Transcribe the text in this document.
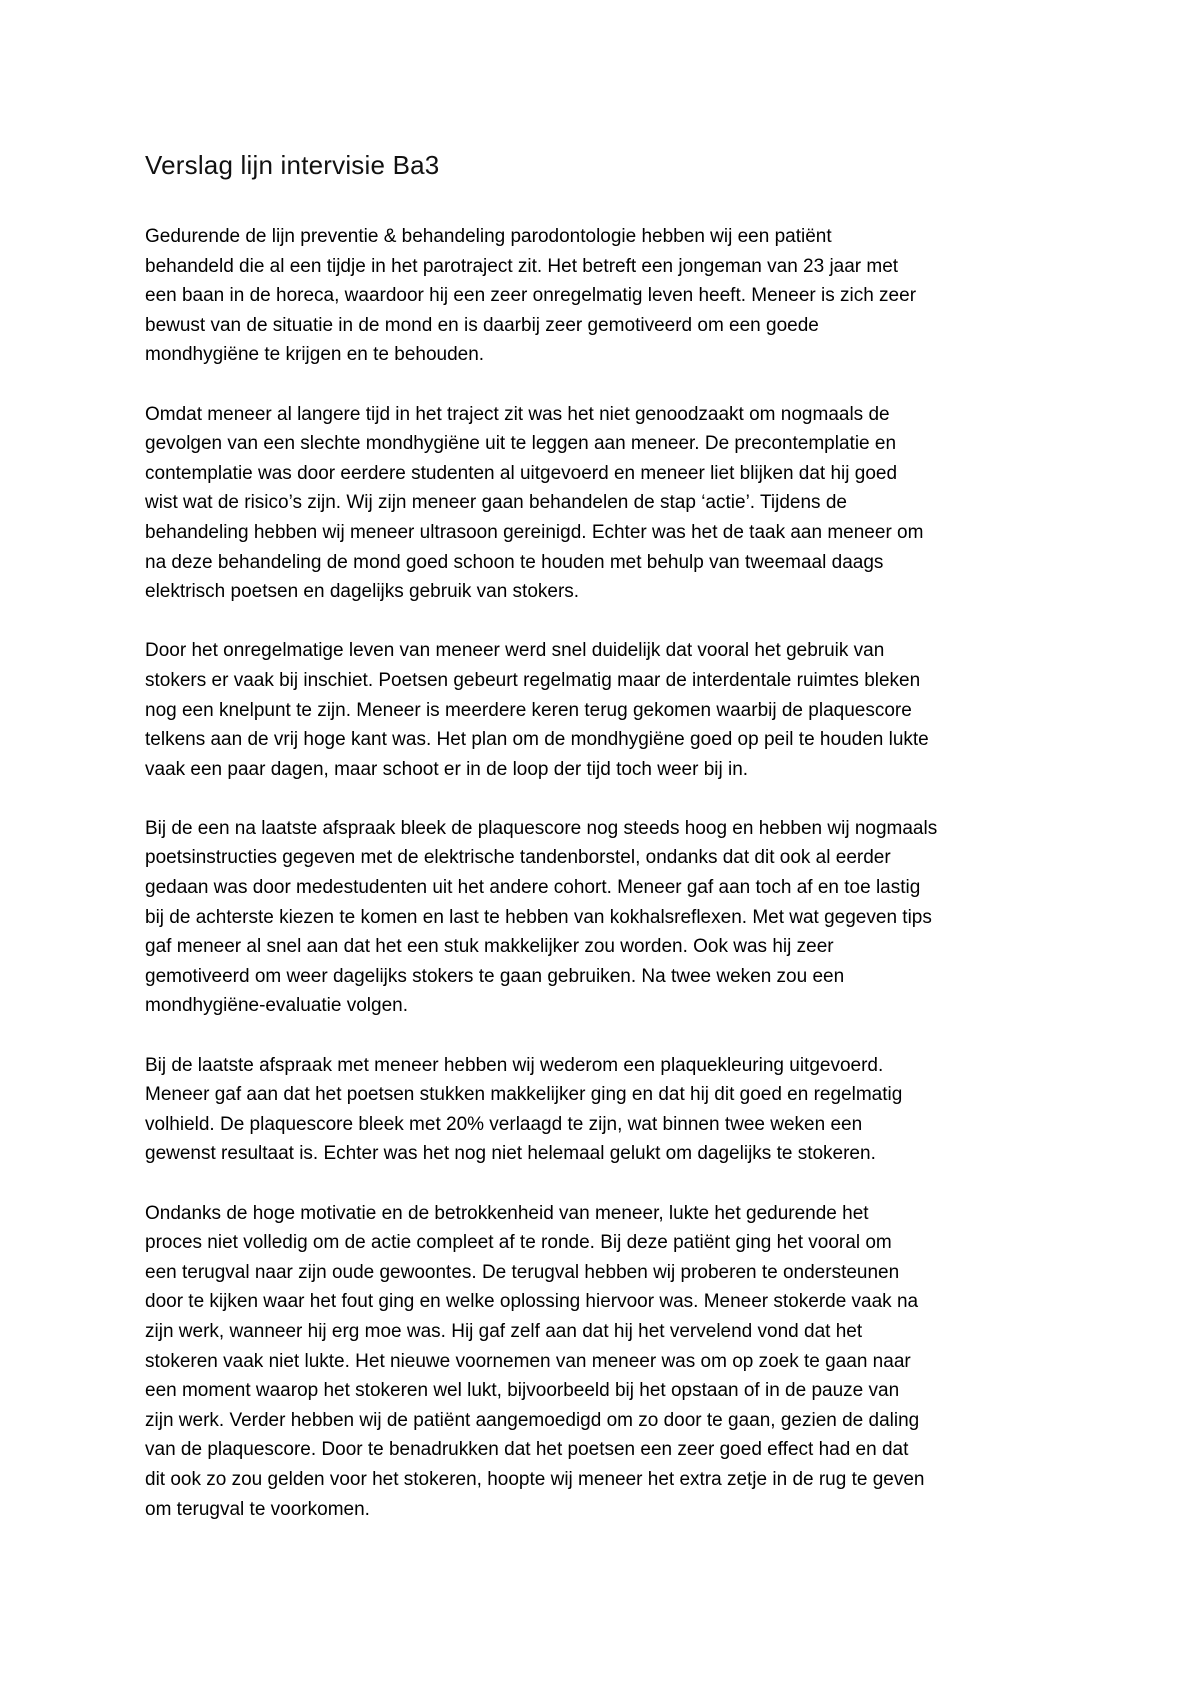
Verslag lijn intervisie Ba3

Gedurende de lijn preventie & behandeling parodontologie hebben wij een patiënt
behandeld die al een tijdje in het parotraject zit. Het betreft een jongeman van 23 jaar met
een baan in de horeca, waardoor hij een zeer onregelmatig leven heeft. Meneer is zich zeer
bewust van de situatie in de mond en is daarbij zeer gemotiveerd om een goede
mondhygiëne te krijgen en te behouden.

Omdat meneer al langere tijd in het traject zit was het niet genoodzaakt om nogmaals de
gevolgen van een slechte mondhygiëne uit te leggen aan meneer. De precontemplatie en
contemplatie was door eerdere studenten al uitgevoerd en meneer liet blijken dat hij goed
wist wat de risico’s zijn. Wij zijn meneer gaan behandelen de stap ‘actie’. Tijdens de
behandeling hebben wij meneer ultrasoon gereinigd. Echter was het de taak aan meneer om
na deze behandeling de mond goed schoon te houden met behulp van tweemaal daags
elektrisch poetsen en dagelijks gebruik van stokers.

Door het onregelmatige leven van meneer werd snel duidelijk dat vooral het gebruik van
stokers er vaak bij inschiet. Poetsen gebeurt regelmatig maar de interdentale ruimtes bleken
nog een knelpunt te zijn. Meneer is meerdere keren terug gekomen waarbij de plaquescore
telkens aan de vrij hoge kant was. Het plan om de mondhygiëne goed op peil te houden lukte
vaak een paar dagen, maar schoot er in de loop der tijd toch weer bij in.

Bij de een na laatste afspraak bleek de plaquescore nog steeds hoog en hebben wij nogmaals
poetsinstructies gegeven met de elektrische tandenborstel, ondanks dat dit ook al eerder
gedaan was door medestudenten uit het andere cohort. Meneer gaf aan toch af en toe lastig
bij de achterste kiezen te komen en last te hebben van kokhalsreflexen. Met wat gegeven tips
gaf meneer al snel aan dat het een stuk makkelijker zou worden. Ook was hij zeer
gemotiveerd om weer dagelijks stokers te gaan gebruiken. Na twee weken zou een
mondhygiëne-evaluatie volgen.

Bij de laatste afspraak met meneer hebben wij wederom een plaquekleuring uitgevoerd.
Meneer gaf aan dat het poetsen stukken makkelijker ging en dat hij dit goed en regelmatig
volhield. De plaquescore bleek met 20% verlaagd te zijn, wat binnen twee weken een
gewenst resultaat is. Echter was het nog niet helemaal gelukt om dagelijks te stokeren.

Ondanks de hoge motivatie en de betrokkenheid van meneer, lukte het gedurende het
proces niet volledig om de actie compleet af te ronde. Bij deze patiënt ging het vooral om
een terugval naar zijn oude gewoontes. De terugval hebben wij proberen te ondersteunen
door te kijken waar het fout ging en welke oplossing hiervoor was. Meneer stokerde vaak na
zijn werk, wanneer hij erg moe was. Hij gaf zelf aan dat hij het vervelend vond dat het
stokeren vaak niet lukte. Het nieuwe voornemen van meneer was om op zoek te gaan naar
een moment waarop het stokeren wel lukt, bijvoorbeeld bij het opstaan of in de pauze van
zijn werk. Verder hebben wij de patiënt aangemoedigd om zo door te gaan, gezien de daling
van de plaquescore. Door te benadrukken dat het poetsen een zeer goed effect had en dat
dit ook zo zou gelden voor het stokeren, hoopte wij meneer het extra zetje in de rug te geven
om terugval te voorkomen.
